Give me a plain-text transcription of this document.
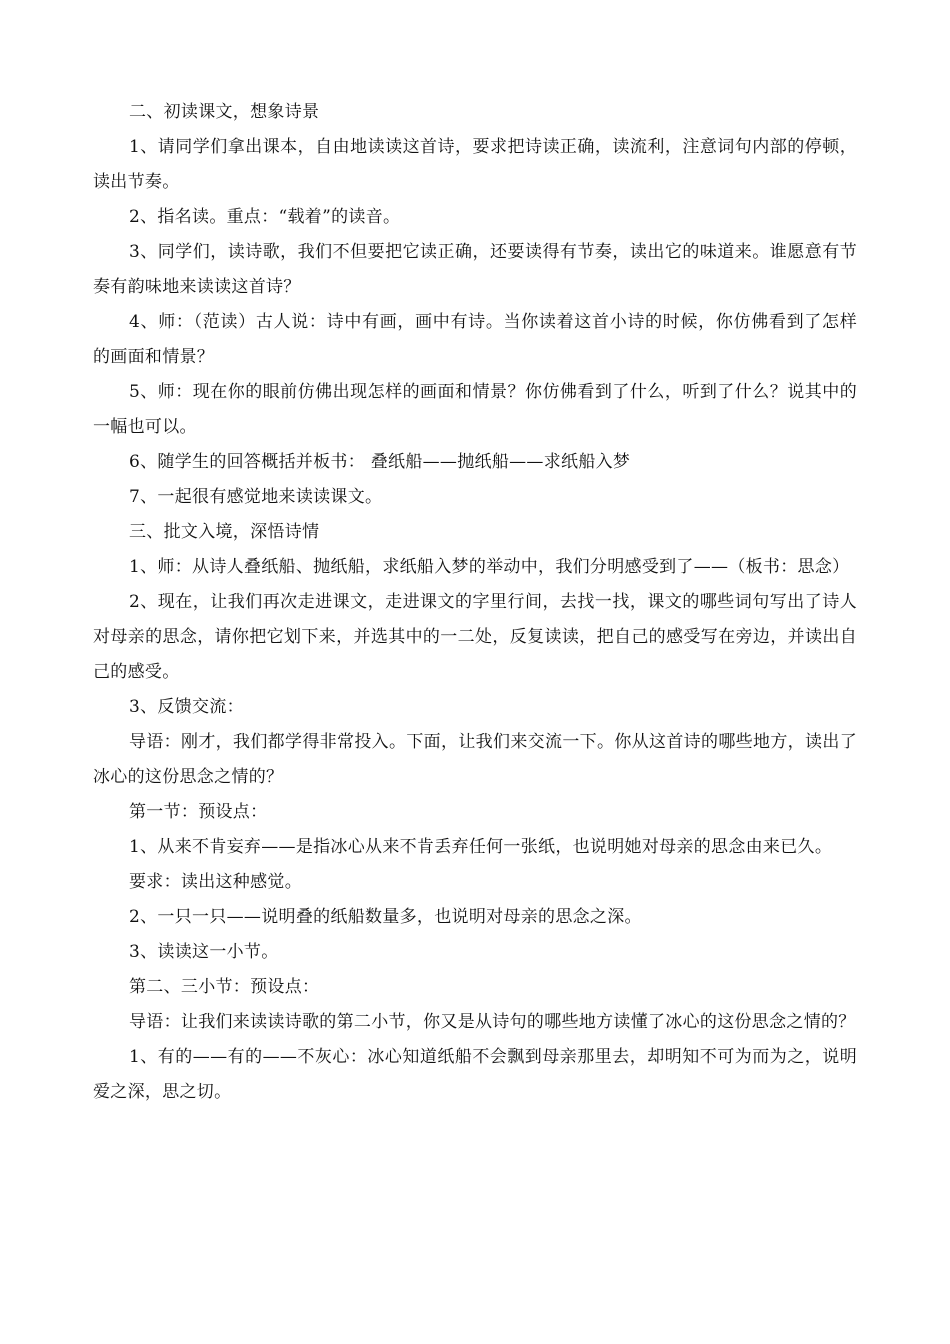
二、初读课文，想象诗景

1、请同学们拿出课本，自由地读读这首诗，要求把诗读正确，读流利，注意词句内部的停顿，读出节奏。

2、指名读。重点：“载着”的读音。

3、同学们，读诗歌，我们不但要把它读正确，还要读得有节奏，读出它的味道来。谁愿意有节奏有韵味地来读读这首诗？

4、师：（范读）古人说：诗中有画，画中有诗。当你读着这首小诗的时候，你仿佛看到了怎样的画面和情景？

5、师：现在你的眼前仿佛出现怎样的画面和情景？你仿佛看到了什么，听到了什么？说其中的一幅也可以。

6、随学生的回答概括并板书： 叠纸船——抛纸船——求纸船入梦

7、一起很有感觉地来读读课文。

三、批文入境，深悟诗情

1、师：从诗人叠纸船、抛纸船，求纸船入梦的举动中，我们分明感受到了——（板书：思念）

2、现在，让我们再次走进课文，走进课文的字里行间，去找一找，课文的哪些词句写出了诗人对母亲的思念，请你把它划下来，并选其中的一二处，反复读读，把自己的感受写在旁边，并读出自己的感受。

3、反馈交流：

导语：刚才，我们都学得非常投入。下面，让我们来交流一下。你从这首诗的哪些地方，读出了冰心的这份思念之情的？

第一节：预设点：

1、从来不肯妄弃——是指冰心从来不肯丢弃任何一张纸，也说明她对母亲的思念由来已久。

要求：读出这种感觉。

2、一只一只——说明叠的纸船数量多，也说明对母亲的思念之深。

3、读读这一小节。

第二、三小节：预设点：

导语：让我们来读读诗歌的第二小节，你又是从诗句的哪些地方读懂了冰心的这份思念之情的？

1、有的——有的——不灰心：冰心知道纸船不会飘到母亲那里去，却明知不可为而为之，说明爱之深，思之切。
